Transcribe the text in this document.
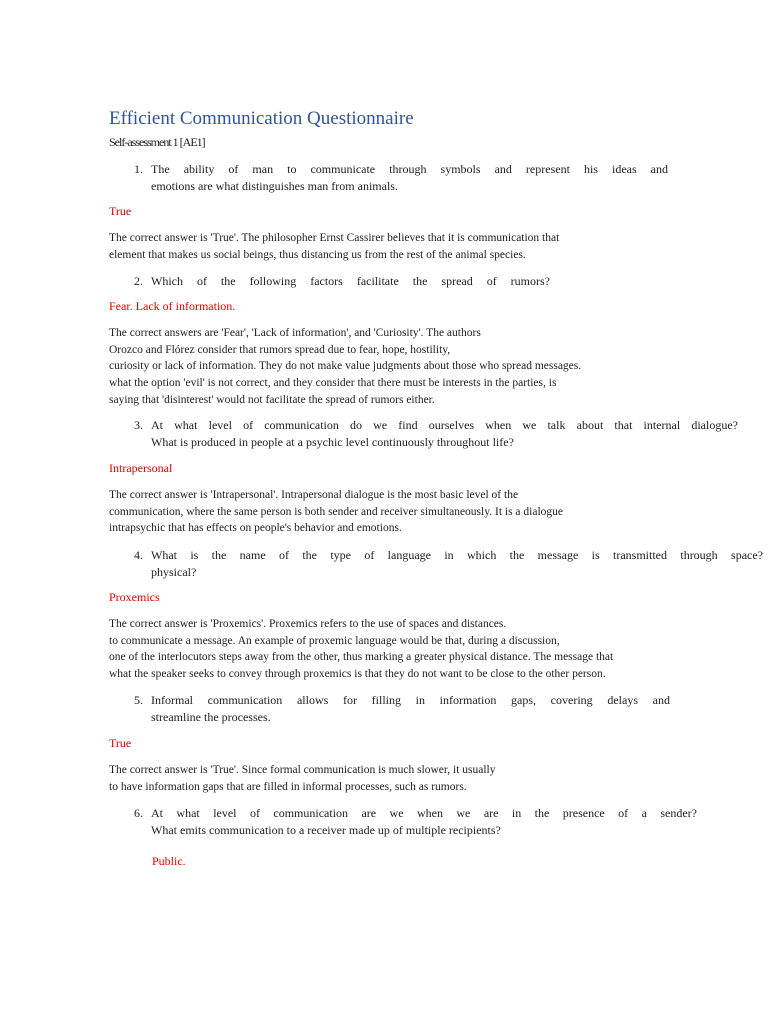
Efficient Communication Questionnaire
Self-assessment 1 [AE1]
1. The ability of man to communicate through symbols and represent his ideas and
emotions are what distinguishes man from animals.
True
The correct answer is 'True'. The philosopher Ernst Cassirer believes that it is communication that
element that makes us social beings, thus distancing us from the rest of the animal species.
2. Which of the following factors facilitate the spread of rumors?
Fear. Lack of information.
The correct answers are 'Fear', 'Lack of information', and 'Curiosity'. The authors
Orozco and Flórez consider that rumors spread due to fear, hope, hostility,
curiosity or lack of information. They do not make value judgments about those who spread messages.
what the option 'evil' is not correct, and they consider that there must be interests in the parties, is
saying that 'disinterest' would not facilitate the spread of rumors either.
3. At what level of communication do we find ourselves when we talk about that internal dialogue?
What is produced in people at a psychic level continuously throughout life?
Intrapersonal
The correct answer is 'Intrapersonal'. Intrapersonal dialogue is the most basic level of the
communication, where the same person is both sender and receiver simultaneously. It is a dialogue
intrapsychic that has effects on people's behavior and emotions.
4. What is the name of the type of language in which the message is transmitted through space?
physical?
Proxemics
The correct answer is 'Proxemics'. Proxemics refers to the use of spaces and distances.
to communicate a message. An example of proxemic language would be that, during a discussion,
one of the interlocutors steps away from the other, thus marking a greater physical distance. The message that
what the speaker seeks to convey through proxemics is that they do not want to be close to the other person.
5. Informal communication allows for filling in information gaps, covering delays and
streamline the processes.
True
The correct answer is 'True'. Since formal communication is much slower, it usually
to have information gaps that are filled in informal processes, such as rumors.
6. At what level of communication are we when we are in the presence of a sender?
What emits communication to a receiver made up of multiple recipients?
Public.
